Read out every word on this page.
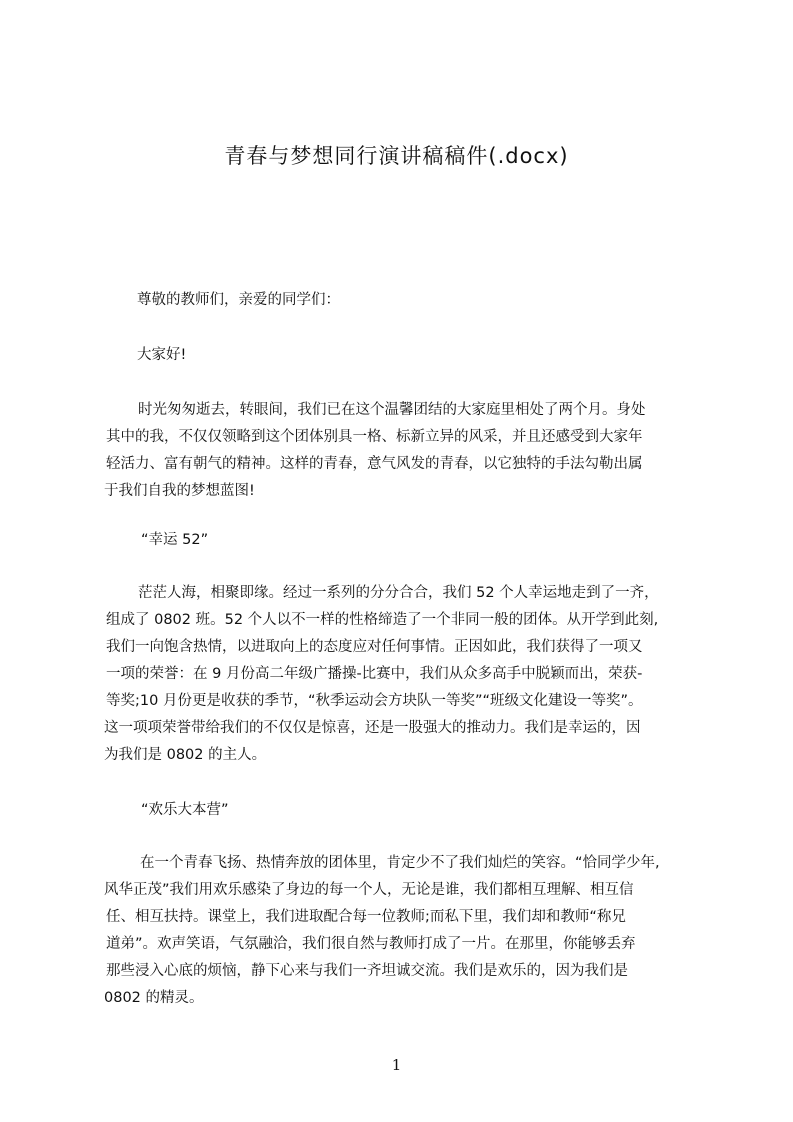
青春与梦想同行演讲稿稿件(.docx)
尊敬的教师们，亲爱的同学们：
大家好!
时光匆匆逝去，转眼间，我们已在这个温馨团结的大家庭里相处了两个月。身处
其中的我，不仅仅领略到这个团体别具一格、标新立异的风采，并且还感受到大家年
轻活力、富有朝气的精神。这样的青春，意气风发的青春，以它独特的手法勾勒出属
于我们自我的梦想蓝图!
“幸运 52”
茫茫人海，相聚即缘。经过一系列的分分合合，我们 52 个人幸运地走到了一齐，
组成了 0802 班。52 个人以不一样的性格缔造了一个非同一般的团体。从开学到此刻,
我们一向饱含热情，以进取向上的态度应对任何事情。正因如此，我们获得了一项又
一项的荣誉：在 9 月份高二年级广播操-比赛中，我们从众多高手中脱颖而出，荣获-
等奖;10 月份更是收获的季节，“秋季运动会方块队一等奖”“班级文化建设一等奖”。
这一项项荣誉带给我们的不仅仅是惊喜，还是一股强大的推动力。我们是幸运的，因
为我们是 0802 的主人。
“欢乐大本营”
在一个青春飞扬、热情奔放的团体里，肯定少不了我们灿烂的笑容。“恰同学少年,
风华正茂”我们用欢乐感染了身边的每一个人，无论是谁，我们都相互理解、相互信
任、相互扶持。课堂上，我们进取配合每一位教师;而私下里，我们却和教师“称兄
道弟”。欢声笑语，气氛融洽，我们很自然与教师打成了一片。在那里，你能够丢弃
那些浸入心底的烦恼，静下心来与我们一齐坦诚交流。我们是欢乐的，因为我们是
0802 的精灵。
1
